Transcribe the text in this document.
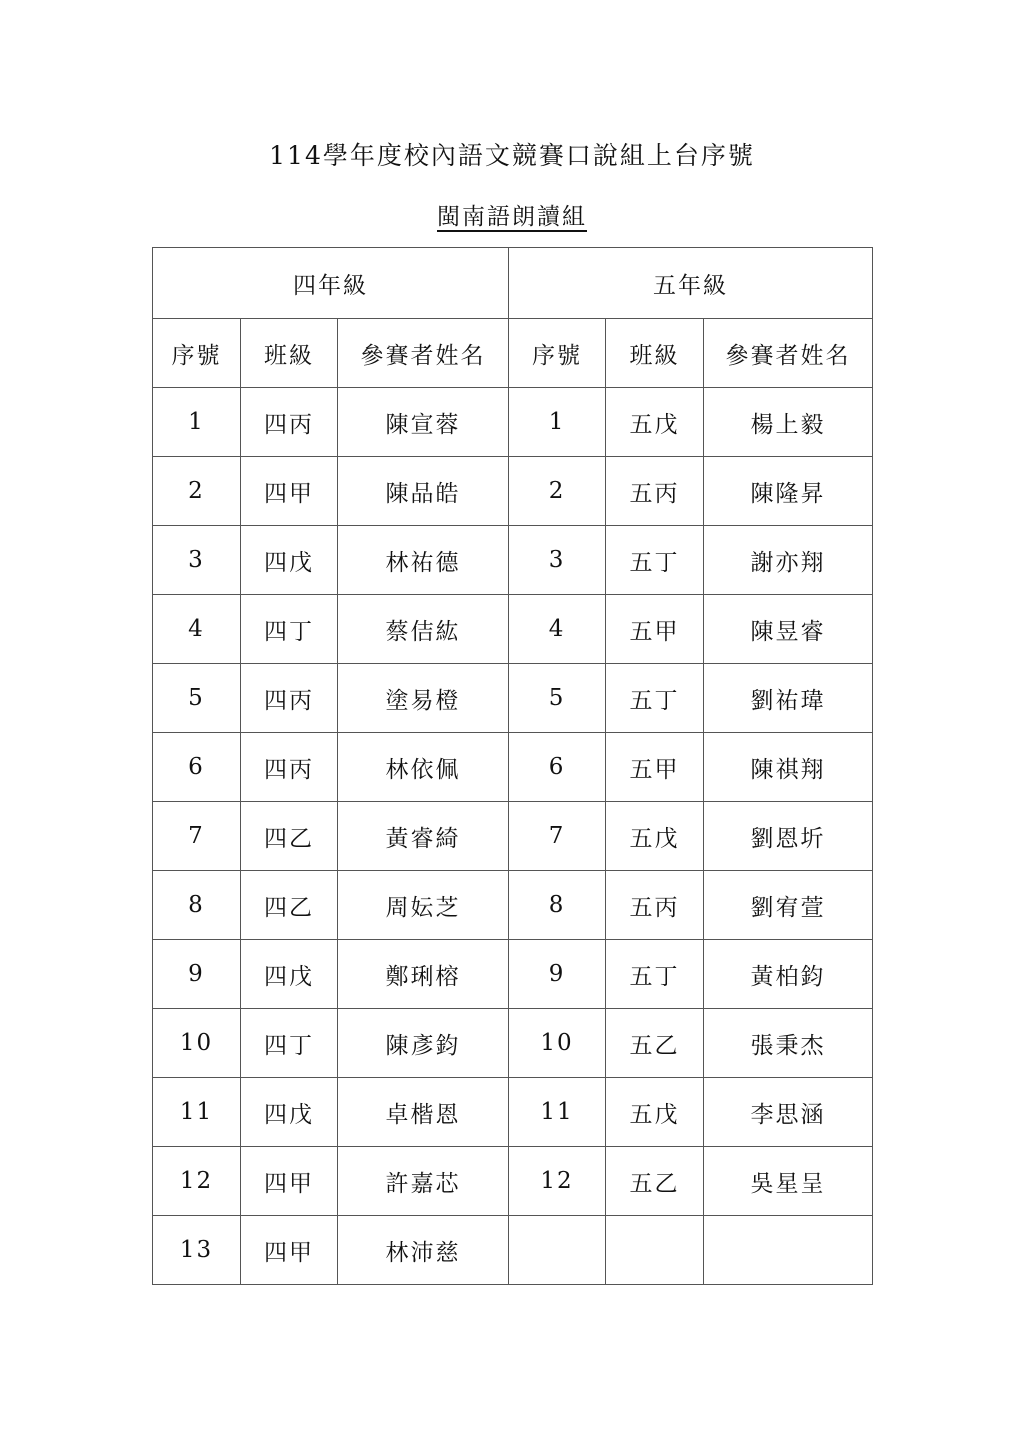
114學年度校內語文競賽口說組上台序號
閩南語朗讀組
四年級			五年級		
序號	班級	參賽者姓名	序號	班級	參賽者姓名
1	四丙	陳宣蓉	1	五戊	楊上毅
2	四甲	陳品皓	2	五丙	陳隆昇
3	四戊	林祐德	3	五丁	謝亦翔
4	四丁	蔡佶紘	4	五甲	陳昱睿
5	四丙	塗易橙	5	五丁	劉祐瑋
6	四丙	林依佩	6	五甲	陳祺翔
7	四乙	黃睿綺	7	五戊	劉恩圻
8	四乙	周妘芝	8	五丙	劉宥萱
9	四戊	鄭琍榕	9	五丁	黃柏鈞
10	四丁	陳彥鈞	10	五乙	張秉杰
11	四戊	卓楷恩	11	五戊	李思涵
12	四甲	許嘉芯	12	五乙	吳星呈
13	四甲	林沛慈			
